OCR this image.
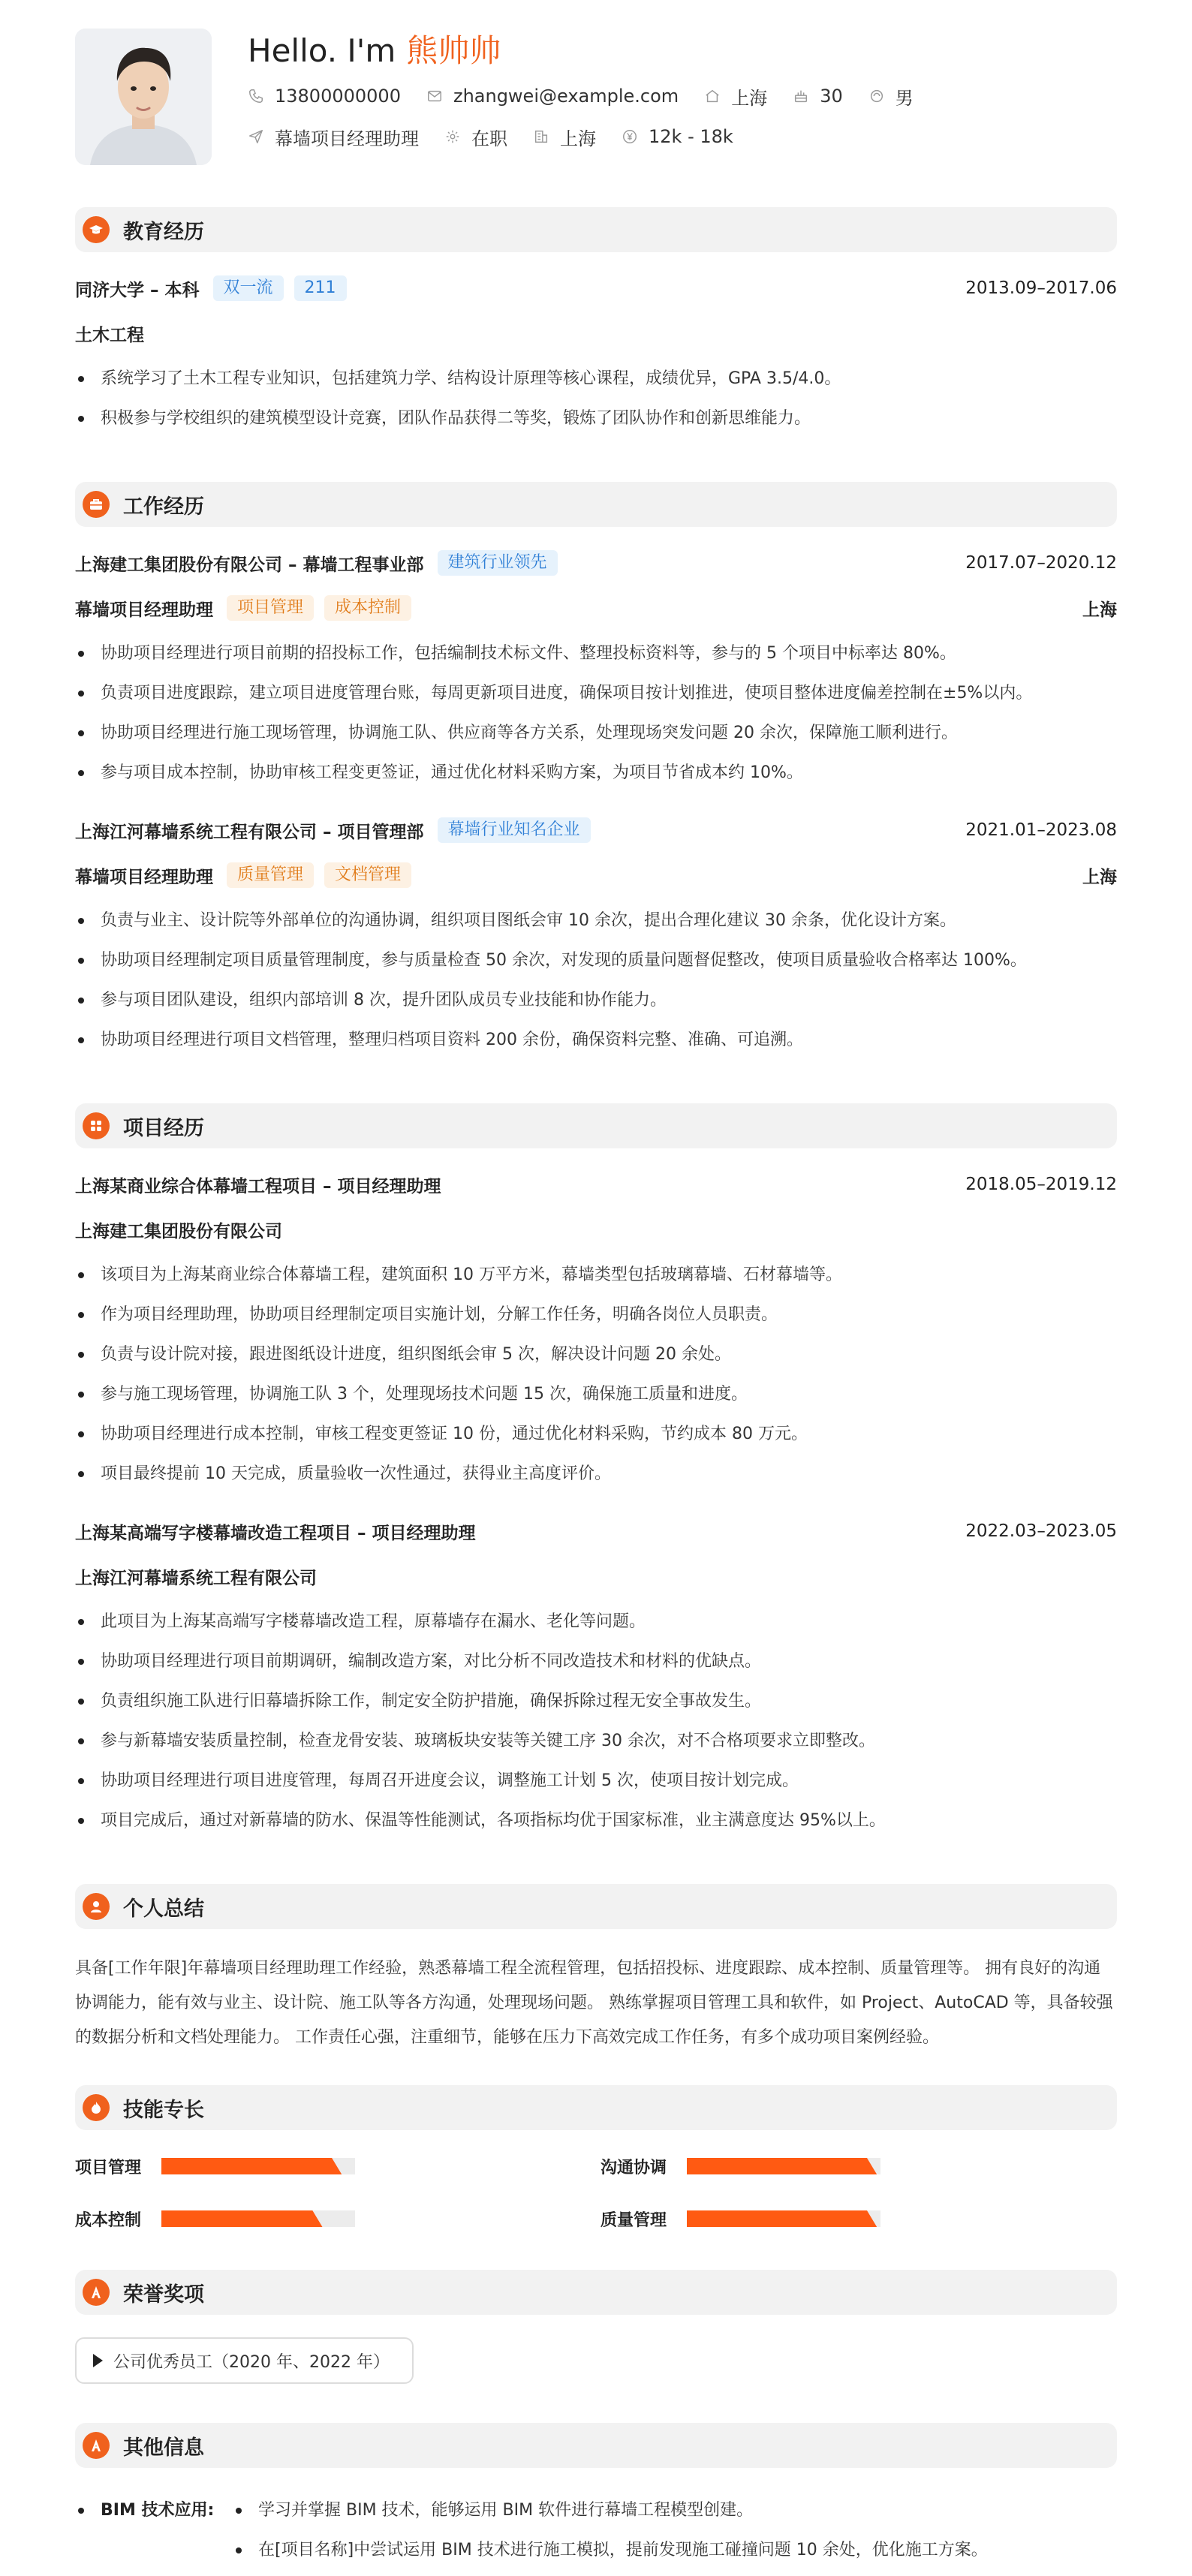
Hello. I'm 熊帅帅
13800000000	zhangwei@example.com	上海	30	男
幕墙项目经理助理	在职	上海	12k - 18k
教育经历
同济大学 – 本科	双一流	211	2013.09–2017.06
土木工程
系统学习了土木工程专业知识，包括建筑力学、结构设计原理等核心课程，成绩优异，GPA 3.5/4.0。
积极参与学校组织的建筑模型设计竞赛，团队作品获得二等奖，锻炼了团队协作和创新思维能力。
工作经历
上海建工集团股份有限公司 – 幕墙工程事业部	建筑行业领先	2017.07–2020.12
幕墙项目经理助理	项目管理	成本控制	上海
协助项目经理进行项目前期的招投标工作，包括编制技术标文件、整理投标资料等，参与的 5 个项目中标率达 80%。
负责项目进度跟踪，建立项目进度管理台账，每周更新项目进度，确保项目按计划推进，使项目整体进度偏差控制在±5%以内。
协助项目经理进行施工现场管理，协调施工队、供应商等各方关系，处理现场突发问题 20 余次，保障施工顺利进行。
参与项目成本控制，协助审核工程变更签证，通过优化材料采购方案，为项目节省成本约 10%。
上海江河幕墙系统工程有限公司 – 项目管理部	幕墙行业知名企业	2021.01–2023.08
幕墙项目经理助理	质量管理	文档管理	上海
负责与业主、设计院等外部单位的沟通协调，组织项目图纸会审 10 余次，提出合理化建议 30 余条，优化设计方案。
协助项目经理制定项目质量管理制度，参与质量检查 50 余次，对发现的质量问题督促整改，使项目质量验收合格率达 100%。
参与项目团队建设，组织内部培训 8 次，提升团队成员专业技能和协作能力。
协助项目经理进行项目文档管理，整理归档项目资料 200 余份，确保资料完整、准确、可追溯。
项目经历
上海某商业综合体幕墙工程项目 – 项目经理助理	2018.05–2019.12
上海建工集团股份有限公司
该项目为上海某商业综合体幕墙工程，建筑面积 10 万平方米，幕墙类型包括玻璃幕墙、石材幕墙等。
作为项目经理助理，协助项目经理制定项目实施计划，分解工作任务，明确各岗位人员职责。
负责与设计院对接，跟进图纸设计进度，组织图纸会审 5 次，解决设计问题 20 余处。
参与施工现场管理，协调施工队 3 个，处理现场技术问题 15 次，确保施工质量和进度。
协助项目经理进行成本控制，审核工程变更签证 10 份，通过优化材料采购，节约成本 80 万元。
项目最终提前 10 天完成，质量验收一次性通过，获得业主高度评价。
上海某高端写字楼幕墙改造工程项目 – 项目经理助理	2022.03–2023.05
上海江河幕墙系统工程有限公司
此项目为上海某高端写字楼幕墙改造工程，原幕墙存在漏水、老化等问题。
协助项目经理进行项目前期调研，编制改造方案，对比分析不同改造技术和材料的优缺点。
负责组织施工队进行旧幕墙拆除工作，制定安全防护措施，确保拆除过程无安全事故发生。
参与新幕墙安装质量控制，检查龙骨安装、玻璃板块安装等关键工序 30 余次，对不合格项要求立即整改。
协助项目经理进行项目进度管理，每周召开进度会议，调整施工计划 5 次，使项目按计划完成。
项目完成后，通过对新幕墙的防水、保温等性能测试，各项指标均优于国家标准，业主满意度达 95%以上。
个人总结

具备[工作年限]年幕墙项目经理助理工作经验，熟悉幕墙工程全流程管理，包括招投标、进度跟踪、成本控制、质量管理等。 拥有良好的沟通协调能力，能有效与业主、设计院、施工队等各方沟通，处理现场问题。 熟练掌握项目管理工具和软件，如 Project、AutoCAD 等，具备较强的数据分析和文档处理能力。 工作责任心强，注重细节，能够在压力下高效完成工作任务，有多个成功项目案例经验。

技能专长
项目管理	沟通协调
成本控制	质量管理
荣誉奖项
公司优秀员工（2020 年、2022 年）
其他信息
BIM 技术应用:	学习并掌握 BIM 技术，能够运用 BIM 软件进行幕墙工程模型创建。
在[项目名称]中尝试运用 BIM 技术进行施工模拟，提前发现施工碰撞问题 10 余处，优化施工方案。
